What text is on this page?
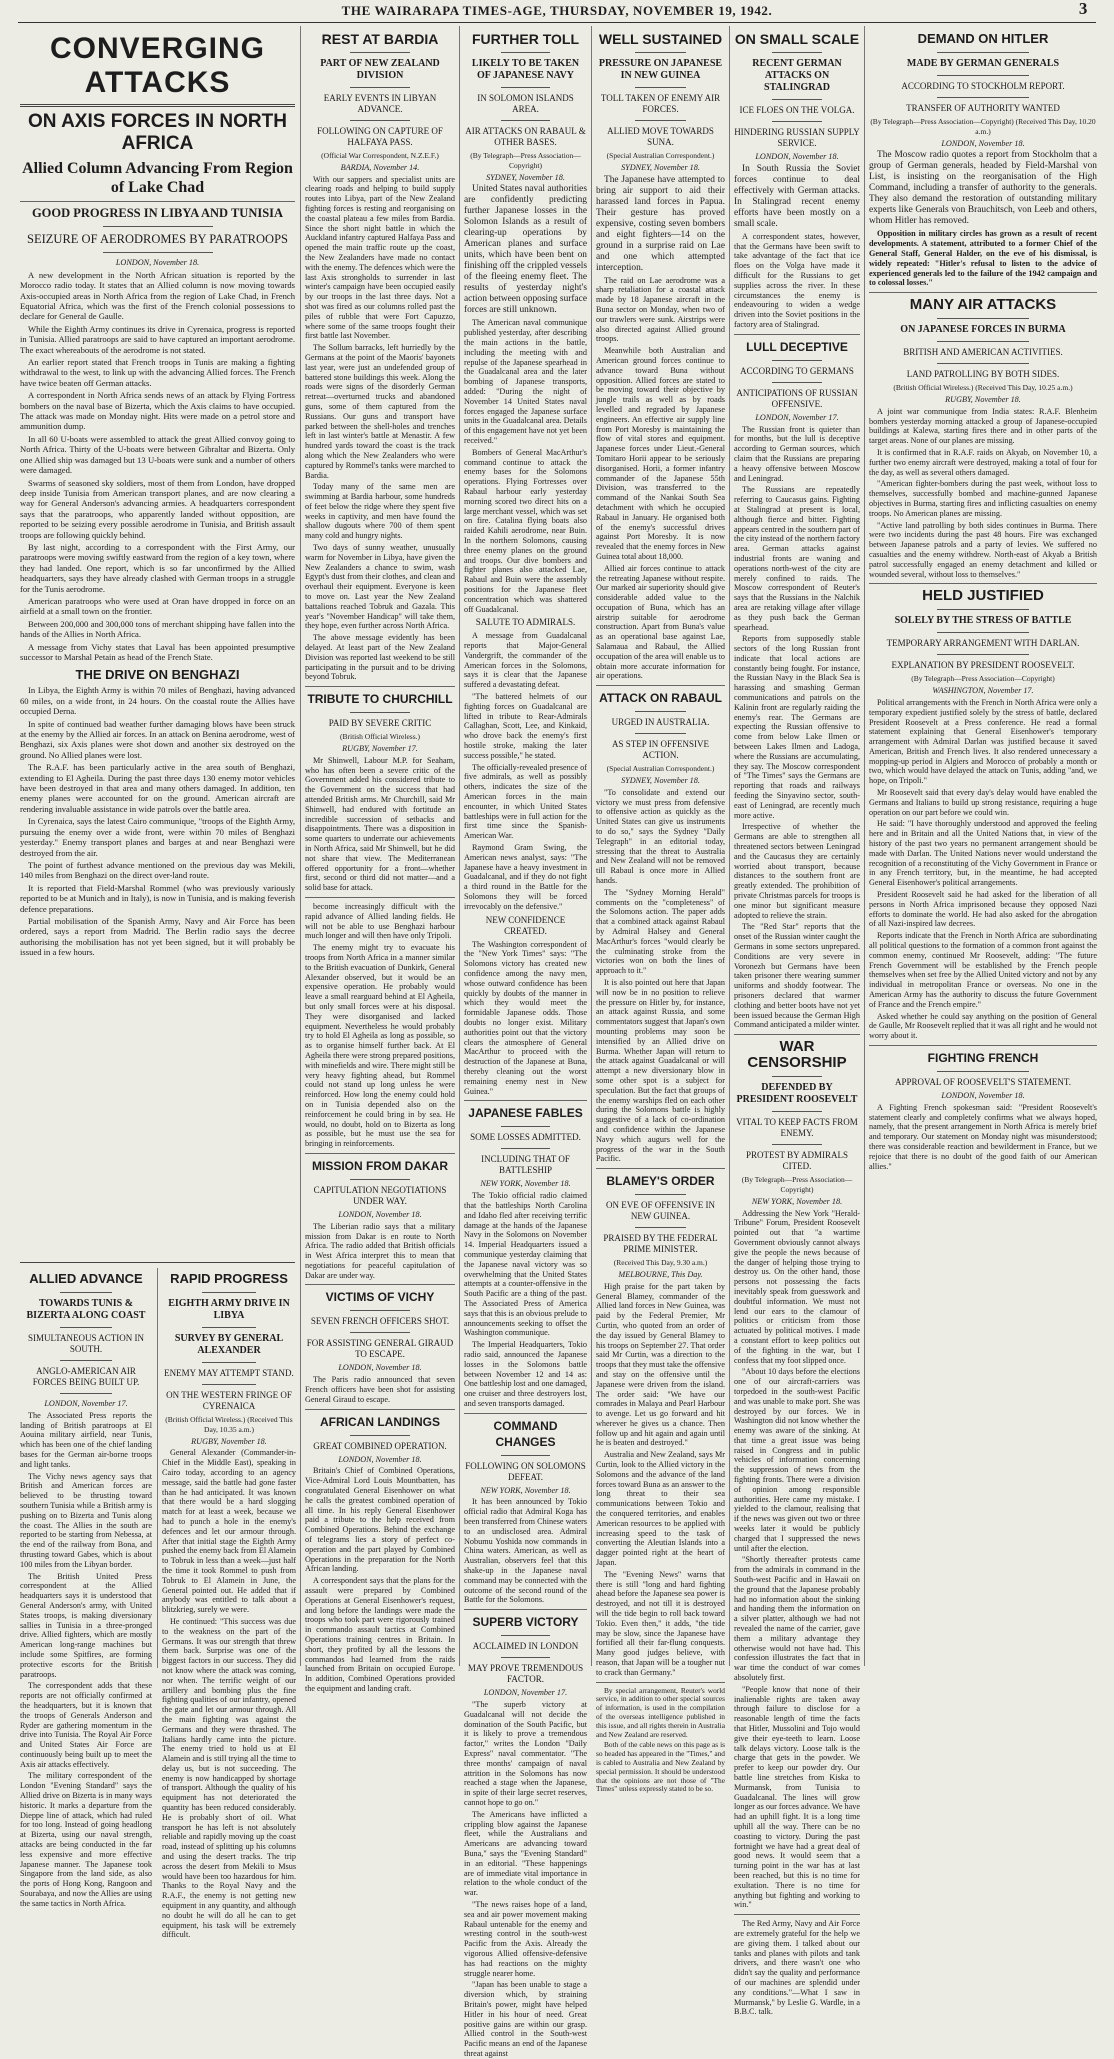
THE WAIRARAPA TIMES-AGE, THURSDAY, NOVEMBER 19, 1942.	3
CONVERGING ATTACKS
ON AXIS FORCES IN NORTH AFRICA
Allied Column Advancing From Region of Lake Chad
GOOD PROGRESS IN LIBYA AND TUNISIA
SEIZURE OF AERODROMES BY PARATROOPS

LONDON, November 18.

A new development in the North African situation is reported by the Morocco radio today. It states that an Allied column is now moving towards Axis-occupied areas in North Africa from the region of Lake Chad, in French Equatorial Africa, which was the first of the French colonial possessions to declare for General de Gaulle.

While the Eighth Army continues its drive in Cyrenaica, progress is reported in Tunisia. Allied paratroops are said to have captured an important aerodrome. The exact whereabouts of the aerodrome is not stated.

An earlier report stated that French troops in Tunis are making a fighting withdrawal to the west, to link up with the advancing Allied forces. The French have twice beaten off German attacks.

A correspondent in North Africa sends news of an attack by Flying Fortress bombers on the naval base of Bizerta, which the Axis claims to have occupied. The attack was made on Monday night. Hits were made on a petrol store and ammunition dump.

In all 60 U-boats were assembled to attack the great Allied convoy going to North Africa. Thirty of the U-boats were between Gibraltar and Bizerta. Only one Allied ship was damaged but 13 U-boats were sunk and a number of others were damaged.

Swarms of seasoned sky soldiers, most of them from London, have dropped deep inside Tunisia from American transport planes, and are now clearing a way for General Anderson's advancing armies. A headquarters correspondent says that the paratroops, who apparently landed without opposition, are reported to be seizing every possible aerodrome in Tunisia, and British assault troops are following quickly behind.

By last night, according to a correspondent with the First Army, our paratroops were moving swiftly eastward from the region of a key town, where they had landed. One report, which is so far unconfirmed by the Allied headquarters, says they have already clashed with German troops in a struggle for the Tunis aerodrome.

American paratroops who were used at Oran have dropped in force on an airfield at a small town on the frontier.

Between 200,000 and 300,000 tons of merchant shipping have fallen into the hands of the Allies in North Africa.

A message from Vichy states that Laval has been appointed presumptive successor to Marshal Petain as head of the French State.

THE DRIVE ON BENGHAZI

In Libya, the Eighth Army is within 70 miles of Benghazi, having advanced 60 miles, on a wide front, in 24 hours. On the coastal route the Allies have occupied Derna.

In spite of continued bad weather further damaging blows have been struck at the enemy by the Allied air forces. In an attack on Benina aerodrome, west of Benghazi, six Axis planes were shot down and another six destroyed on the ground. No Allied planes were lost.

The R.A.F. has been particularly active in the area south of Benghazi, extending to El Agheila. During the past three days 130 enemy motor vehicles have been destroyed in that area and many others damaged. In addition, ten enemy planes were accounted for on the ground. American aircraft are rendering invaluable assistance in wide patrols over the battle area.

In Cyrenaica, says the latest Cairo communique, "troops of the Eighth Army, pursuing the enemy over a wide front, were within 70 miles of Benghazi yesterday." Enemy transport planes and barges at and near Benghazi were destroyed from the air.

The point of furthest advance mentioned on the previous day was Mekili, 140 miles from Benghazi on the direct over-land route.

It is reported that Field-Marshal Rommel (who was previously variously reported to be at Munich and in Italy), is now in Tunisia, and is making feverish defence preparations.

Partial mobilisation of the Spanish Army, Navy and Air Force has been ordered, says a report from Madrid. The Berlin radio says the decree authorising the mobilisation has not yet been signed, but it will probably be issued in a few hours.

ALLIED ADVANCE
TOWARDS TUNIS & BIZERTA ALONG COAST
SIMULTANEOUS ACTION IN SOUTH.
ANGLO-AMERICAN AIR FORCES BEING BUILT UP.

LONDON, November 17.

The Associated Press reports the landing of British paratroops at El Aouina military airfield, near Tunis, which has been one of the chief landing bases for the German air-borne troops and light tanks.

The Vichy news agency says that British and American forces are believed to be thrusting toward southern Tunisia while a British army is pushing on to Bizerta and Tunis along the coast. The Allies in the south are reported to be starting from Nebessa, at the end of the railway from Bona, and thrusting toward Gabes, which is about 100 miles from the Libyan border.

The British United Press correspondent at the Allied headquarters says it is understood that General Anderson's army, with United States troops, is making diversionary sallies in Tunisia in a three-pronged drive. Allied fighters, which are mostly American long-range machines but include some Spitfires, are forming protective escorts for the British paratroops.

The correspondent adds that these reports are not officially confirmed at the headquarters, but it is known that the troops of Generals Anderson and Ryder are gathering momentum in the drive into Tunisia. The Royal Air Force and United States Air Force are continuously being built up to meet the Axis air attacks effectively.

The military correspondent of the London "Evening Standard" says the Allied drive on Bizerta is in many ways historic. It marks a departure from the Dieppe line of attack, which had ruled for too long. Instead of going headlong at Bizerta, using our naval strength, attacks are being conducted in the far less expensive and more effective Japanese manner. The Japanese took Singapore from the land side, as also the ports of Hong Kong, Rangoon and Sourabaya, and now the Allies are using the same tactics in North Africa.

RAPID PROGRESS
EIGHTH ARMY DRIVE IN LIBYA
SURVEY BY GENERAL ALEXANDER
ENEMY MAY ATTEMPT STAND.
ON THE WESTERN FRINGE OF CYRENAICA

(British Official Wireless.) (Received This Day, 10.35 a.m.)

RUGBY, November 18.

General Alexander (Commander-in-Chief in the Middle East), speaking in Cairo today, according to an agency message, said the battle had gone faster than he had anticipated. It was known that there would be a hard slogging match for at least a week, because we had to punch a hole in the enemy's defences and let our armour through. After that initial stage the Eighth Army pushed the enemy back from El Alamein to Tobruk in less than a week—just half the time it took Rommel to push from Tobruk to El Alamein in June, the General pointed out. He added that if anybody was entitled to talk about a blitzkrieg, surely we were.

He continued: "This success was due to the weakness on the part of the Germans. It was our strength that threw them back. Surprise was one of the biggest factors in our success. They did not know where the attack was coming, nor when. The terrific weight of our artillery and bombing plus the fine fighting qualities of our infantry, opened the gate and let our armour through. All the main fighting was against the Germans and they were thrashed. The Italians hardly came into the picture. The enemy tried to hold us at El Alamein and is still trying all the time to delay us, but is not succeeding. The enemy is now handicapped by shortage of transport. Although the quality of his equipment has not deteriorated the quantity has been reduced considerably. He is probably short of oil. What transport he has left is not absolutely reliable and rapidly moving up the coast road, instead of splitting up his columns and using the desert tracks. The trip across the desert from Mekili to Msus would have been too hazardous for him. Thanks to the Royal Navy and the R.A.F., the enemy is not getting new equipment in any quantity, and although no doubt he will do all he can to get equipment, his task will be extremely difficult.

REST AT BARDIA
PART OF NEW ZEALAND DIVISION
EARLY EVENTS IN LIBYAN ADVANCE.
FOLLOWING ON CAPTURE OF HALFAYA PASS.

(Official War Correspondent, N.Z.E.F.)

BARDIA, November 14.

With our sappers and specialist units are clearing roads and helping to build supply routes into Libya, part of the New Zealand fighting forces is resting and reorganising on the coastal plateau a few miles from Bardia. Since the short night battle in which the Auckland infantry captured Halfaya Pass and opened the main traffic route up the coast, the New Zealanders have made no contact with the enemy. The defences which were the last Axis strongholds to surrender in last winter's campaign have been occupied easily by our troops in the last three days. Not a shot was fired as our columns rolled past the piles of rubble that were Fort Capuzzo, where some of the same troops fought their first battle last November.

The Sollum barracks, left hurriedly by the Germans at the point of the Maoris' bayonets last year, were just an undefended group of battered stone buildings this week. Along the roads were signs of the disorderly German retreat—overturned trucks and abandoned guns, some of them captured from the Russians. Our guns and transport have parked between the shell-holes and trenches left in last winter's battle at Menastir. A few hundred yards toward the coast is the track along which the New Zealanders who were captured by Rommel's tanks were marched to Bardia.

Today many of the same men are swimming at Bardia harbour, some hundreds of feet below the ridge where they spent five weeks in captivity, and men have found the shallow dugouts where 700 of them spent many cold and hungry nights.

Two days of sunny weather, unusually warm for November in Libya, have given the New Zealanders a chance to swim, wash Egypt's dust from their clothes, and clean and overhaul their equipment. Everyone is keen to move on. Last year the New Zealand battalions reached Tobruk and Gazala. This year's "November Handicap" will take them, they hope, even further across North Africa.

The above message evidently has been delayed. At least part of the New Zealand Division was reported last weekend to be still participating in the pursuit and to be driving beyond Tobruk.

TRIBUTE TO CHURCHILL
PAID BY SEVERE CRITIC

(British Official Wireless.)

RUGBY, November 17.

Mr Shinwell, Labour M.P. for Seaham, who has often been a severe critic of the Government added his considered tribute to the Government on the success that had attended British arms. Mr Churchill, said Mr Shinwell, had endured with fortitude an incredible succession of setbacks and disappointments. There was a disposition in some quarters to underrate our achievements in North Africa, said Mr Shinwell, but he did not share that view. The Mediterranean offered opportunity for a front—whether first, second or third did not matter—and a solid base for attack.

become increasingly difficult with the rapid advance of Allied landing fields. He will not be able to use Benghazi harbour much longer and will then have only Tripoli.

The enemy might try to evacuate his troops from North Africa in a manner similar to the British evacuation of Dunkirk, General Alexander observed, but it would be an expensive operation. He probably would leave a small rearguard behind at El Agheila, but only small forces were at his disposal. They were disorganised and lacked equipment. Nevertheless he would probably try to hold El Agheila as long as possible, so as to organise himself further back. At El Agheila there were strong prepared positions, with minefields and wire. There might still be very heavy fighting ahead, but Rommel could not stand up long unless he were reinforced. How long the enemy could hold on in Tunisia depended also on the reinforcement he could bring in by sea. He would, no doubt, hold on to Bizerta as long as possible, but he must use the sea for bringing in reinforcements.

MISSION FROM DAKAR
CAPITULATION NEGOTIATIONS UNDER WAY.

LONDON, November 18.

The Liberian radio says that a military mission from Dakar is en route to North Africa. The radio added that British officials in West Africa interpret this to mean that negotiations for peaceful capitulation of Dakar are under way.

VICTIMS OF VICHY
SEVEN FRENCH OFFICERS SHOT.
FOR ASSISTING GENERAL GIRAUD TO ESCAPE.

LONDON, November 18.

The Paris radio announced that seven French officers have been shot for assisting General Giraud to escape.

AFRICAN LANDINGS
GREAT COMBINED OPERATION.

LONDON, November 18.

Britain's Chief of Combined Operations, Vice-Admiral Lord Louis Mountbatten, has congratulated General Eisenhower on what he calls the greatest combined operation of all time. In his reply General Eisenhower paid a tribute to the help received from Combined Operations. Behind the exchange of telegrams lies a story of perfect co-operation and the part played by Combined Operations in the preparation for the North African landing.

A correspondent says that the plans for the assault were prepared by Combined Operations at General Eisenhower's request, and long before the landings were made the troops who took part were rigorously trained in commando assault tactics at Combined Operations training centres in Britain. In short, they profited by all the lessons the commandos had learned from the raids launched from Britain on occupied Europe. In addition, Combined Operations provided the equipment and landing craft.

FURTHER TOLL
LIKELY TO BE TAKEN OF JAPANESE NAVY
IN SOLOMON ISLANDS AREA.
AIR ATTACKS ON RABAUL & OTHER BASES.

(By Telegraph—Press Association—Copyright)

SYDNEY, November 18.

United States naval authorities are confidently predicting further Japanese losses in the Solomon Islands as a result of clearing-up operations by American planes and surface units, which have been bent on finishing off the crippled vessels of the fleeing enemy fleet. The results of yesterday night's action between opposing surface forces are still unknown.

The American naval communique published yesterday, after describing the main actions in the battle, including the meeting with and repulse of the Japanese spearhead in the Guadalcanal area and the later bombing of Japanese transports, added: "During the night of November 14 United States naval forces engaged the Japanese surface units in the Guadalcanal area. Details of this engagement have not yet been received."

Bombers of General MacArthur's command continue to attack the enemy bases for the Solomons operations. Flying Fortresses over Rabaul harbour early yesterday morning scored two direct hits on a large merchant vessel, which was set on fire. Catalina flying boats also raided Kahili aerodrome, near Buin. In the northern Solomons, causing three enemy planes on the ground and troops. Our dive bombers and fighter planes also attacked Lae, Rabaul and Buin were the assembly positions for the Japanese fleet concentration which was shattered off Guadalcanal.

SALUTE TO ADMIRALS.

A message from Guadalcanal reports that Major-General Vandergrift, the commander of the American forces in the Solomons, says it is clear that the Japanese suffered a devastating defeat.

"The battered helmets of our fighting forces on Guadalcanal are lifted in tribute to Rear-Admirals Callaghan, Scott, Lee, and Kinkaid, who drove back the enemy's first hostile stroke, making the later success possible," he stated.

The officially-revealed presence of five admirals, as well as possibly others, indicates the size of the American forces in the main encounter, in which United States battleships were in full action for the first time since the Spanish-American War.

Raymond Gram Swing, the American news analyst, says: "The Japanese have a heavy investment in Guadalcanal, and if they do not fight a third round in the Battle for the Solomons they will be forced irrevocably on the defensive."

NEW CONFIDENCE CREATED.

The Washington correspondent of the "New York Times" says: "The Solomons victory has created new confidence among the navy men, whose outward confidence has been quickly by doubts of the manner in which they would meet the formidable Japanese odds. Those doubts no longer exist. Military authorities point out that the victory clears the atmosphere of General MacArthur to proceed with the destruction of the Japanese at Buna, thereby cleaning out the worst remaining enemy nest in New Guinea."

JAPANESE FABLES
SOME LOSSES ADMITTED.
INCLUDING THAT OF BATTLESHIP

NEW YORK, November 18.

The Tokio official radio claimed that the battleships North Carolina and Idaho fled after receiving terrific damage at the hands of the Japanese Navy in the Solomons on November 14. Imperial Headquarters issued a communique yesterday claiming that the Japanese naval victory was so overwhelming that the United States attempts at a counter-offensive in the South Pacific are a thing of the past. The Associated Press of America says that this is an obvious prelude to announcements seeking to offset the Washington communique.

The Imperial Headquarters, Tokio radio said, announced the Japanese losses in the Solomons battle between November 12 and 14 as: One battleship lost and one damaged, one cruiser and three destroyers lost, and seven transports damaged.

COMMAND CHANGES
FOLLOWING ON SOLOMONS DEFEAT.

NEW YORK, November 18.

It has been announced by Tokio official radio that Admiral Koga has been transferred from Chinese waters to an undisclosed area. Admiral Nobumu Yoshida now commands in China waters. American, as well as Australian, observers feel that this shake-up in the Japanese naval command may be connected with the outcome of the second round of the Battle for the Solomons.

SUPERB VICTORY
ACCLAIMED IN LONDON
MAY PROVE TREMENDOUS FACTOR.

LONDON, November 17.

"The superb victory at Guadalcanal will not decide the domination of the South Pacific, but it is likely to prove a tremendous factor," writes the London "Daily Express" naval commentator. "The three months' campaign of naval attrition in the Solomons has now reached a stage when the Japanese, in spite of their large secret reserves, cannot hope to go on."

The Americans have inflicted a crippling blow against the Japanese fleet, while the Australians and Americans are advancing toward Buna," says the "Evening Standard" in an editorial. "These happenings are of immediate vital importance in relation to the whole conduct of the war.

"The news raises hope of a land, sea and air power movement making Rabaul untenable for the enemy and wresting control in the south-west Pacific from the Axis. Already the vigorous Allied offensive-defensive has had reactions on the mighty struggle nearer home.

"Japan has been unable to stage a diversion which, by straining Britain's power, might have helped Hitler in his hour of need. Great positive gains are within our grasp. Allied control in the South-west Pacific means an end of the Japanese threat against

WELL SUSTAINED
PRESSURE ON JAPANESE IN NEW GUINEA
TOLL TAKEN OF ENEMY AIR FORCES.
ALLIED MOVE TOWARDS SUNA.

(Special Australian Correspondent.)

SYDNEY, November 18.

The Japanese have attempted to bring air support to aid their harassed land forces in Papua. Their gesture has proved expensive, costing seven bombers and eight fighters—14 on the ground in a surprise raid on Lae and one which attempted interception.

The raid on Lae aerodrome was a sharp retaliation for a coastal attack made by 18 Japanese aircraft in the Buna sector on Monday, when two of our trawlers were sunk. Airstrips were also directed against Allied ground troops.

Meanwhile both Australian and American ground forces continue to advance toward Buna without opposition. Allied forces are stated to be moving toward their objective by jungle trails as well as by roads levelled and regraded by Japanese engineers. An effective air supply line from Port Moresby is maintaining the flow of vital stores and equipment. Japanese forces under Lieut.-General Tomitaro Horii appear to be seriously disorganised. Horii, a former infantry commander of the Japanese 55th Division, was transferred to the command of the Nankai South Sea detachment with which he occupied Rabaul in January. He organised both of the enemy's successful drives against Port Moresby. It is now revealed that the enemy forces in New Guinea total about 18,000.

Allied air forces continue to attack the retreating Japanese without respite. Our marked air superiority should give considerable added value to the occupation of Buna, which has an airstrip suitable for aerodrome construction. Apart from Buna's value as an operational base against Lae, Salamaua and Rabaul, the Allied occupation of the area will enable us to obtain more accurate information for air operations.

ATTACK ON RABAUL
URGED IN AUSTRALIA.
AS STEP IN OFFENSIVE ACTION.

(Special Australian Correspondent.)

SYDNEY, November 18.

"To consolidate and extend our victory we must press from defensive to offensive action as quickly as the United States can give us instruments to do so," says the Sydney "Daily Telegraph" in an editorial today, stressing that the threat to Australia and New Zealand will not be removed till Rabaul is once more in Allied hands.

The "Sydney Morning Herald" comments on the "completeness" of the Solomons action. The paper adds that a combined attack against Rabaul by Admiral Halsey and General MacArthur's forces "would clearly be the culminating stroke from the victories won on both the lines of approach to it."

It is also pointed out here that Japan will now be in no position to relieve the pressure on Hitler by, for instance, an attack against Russia, and some commentators suggest that Japan's own mounting problems may soon be intensified by an Allied drive on Burma. Whether Japan will return to the attack against Guadalcanal or will attempt a new diversionary blow in some other spot is a subject for speculation. But the fact that groups of the enemy warships fled on each other during the Solomons battle is highly suggestive of a lack of co-ordination and confidence within the Japanese Navy which augurs well for the progress of the war in the South Pacific.

BLAMEY'S ORDER
ON EVE OF OFFENSIVE IN NEW GUINEA.
PRAISED BY THE FEDERAL PRIME MINISTER.

(Received This Day, 9.30 a.m.)

MELBOURNE, This Day.

High praise for the part taken by General Blamey, commander of the Allied land forces in New Guinea, was paid by the Federal Premier, Mr Curtin, who quoted from an order of the day issued by General Blamey to his troops on September 27. That order said Mr Curtin, was a direction to the troops that they must take the offensive and stay on the offensive until the Japanese were driven from the island. The order said: "We have our comrades in Malaya and Pearl Harbour to avenge. Let us go forward and hit wherever he gives us a chance. Then follow up and hit again and again until he is beaten and destroyed."

Australia and New Zealand, says Mr Curtin, look to the Allied victory in the Solomons and the advance of the land forces toward Buna as an answer to the long threat to their sea communications between Tokio and the conquered territories, and enables American resources to be applied with increasing speed to the task of converting the Aleutian Islands into a dagger pointed right at the heart of Japan.

The "Evening News" warns that there is still "long and hard fighting ahead before the Japanese sea power is destroyed, and not till it is destroyed will the tide begin to roll back toward Tokio. Even then," it adds, "the tide may be slow, since the Japanese have fortified all their far-flung conquests. Many good judges believe, with reason, that Japan will be a tougher nut to crack than Germany."

By special arrangement, Reuter's world service, in addition to other special sources of information, is used in the compilation of the overseas intelligence published in this issue, and all rights therein in Australia and New Zealand are reserved.

Both of the cable news on this page as is so headed has appeared in the "Times," and is cabled to Australia and New Zealand by special permission. It should be understood that the opinions are not those of "The Times" unless expressly stated to be so.

ON SMALL SCALE
RECENT GERMAN ATTACKS ON STALINGRAD
ICE FLOES ON THE VOLGA.
HINDERING RUSSIAN SUPPLY SERVICE.

LONDON, November 18.

In South Russia the Soviet forces continue to deal effectively with German attacks. In Stalingrad recent enemy efforts have been mostly on a small scale.

A correspondent states, however, that the Germans have been swift to take advantage of the fact that ice floes on the Volga have made it difficult for the Russians to get supplies across the river. In these circumstances the enemy is endeavouring to widen a wedge driven into the Soviet positions in the factory area of Stalingrad.

LULL DECEPTIVE
ACCORDING TO GERMANS
ANTICIPATIONS OF RUSSIAN OFFENSIVE.

LONDON, November 17.

The Russian front is quieter than for months, but the lull is deceptive according to German sources, which claim that the Russians are preparing a heavy offensive between Moscow and Leningrad.

The Russians are repeatedly referring to Caucasus gains. Fighting at Stalingrad at present is local, although fierce and bitter. Fighting appears centred in the southern part of the city instead of the northern factory area. German attacks against industrial fronts are waning and operations north-west of the city are merely confined to raids. The Moscow correspondent of Reuter's says that the Russians in the Nalchik area are retaking village after village as they push back the German spearhead.

Reports from supposedly stable sectors of the long Russian front indicate that local actions are constantly being fought. For instance, the Russian Navy in the Black Sea is harassing and smashing German communications and patrols on the Kalinin front are regularly raiding the enemy's rear. The Germans are expecting the Russian offensive to come from below Lake Ilmen or between Lakes Ilmen and Ladoga, where the Russians are accumulating, they say. The Moscow correspondent of "The Times" says the Germans are reporting that roads and railways feeding the Sinyavino sector, south-east of Leningrad, are recently much more active.

Irrespective of whether the Germans are able to strengthen all threatened sectors between Leningrad and the Caucasus they are certainly worried about transport, because distances to the southern front are greatly extended. The prohibition of private Christmas parcels for troops is one minor but significant measure adopted to relieve the strain.

The "Red Star" reports that the onset of the Russian winter caught the Germans in some sectors unprepared. Conditions are very severe in Voronezh but Germans have been taken prisoner there wearing summer uniforms and shoddy footwear. The prisoners declared that warmer clothing and better boots have not yet been issued because the German High Command anticipated a milder winter.

WAR CENSORSHIP
DEFENDED BY PRESIDENT ROOSEVELT
VITAL TO KEEP FACTS FROM ENEMY.
PROTEST BY ADMIRALS CITED.

(By Telegraph—Press Association—Copyright)

NEW YORK, November 18.

Addressing the New York "Herald-Tribune" Forum, President Roosevelt pointed out that "a wartime Government obviously cannot always give the people the news because of the danger of helping those trying to destroy us. On the other hand, those persons not possessing the facts inevitably speak from guesswork and doubtful information. We must not lend our ears to the clamour of politics or criticism from those actuated by political motives. I made a constant effort to keep politics out of the fighting in the war, but I confess that my foot slipped once.

"About 10 days before the elections one of our aircraft-carriers was torpedoed in the south-west Pacific and was unable to make port. She was destroyed by our forces. We in Washington did not know whether the enemy was aware of the sinking. At that time a great issue was being raised in Congress and in public vehicles of information concerning the suppression of news from the fighting fronts. There were a division of opinion among responsible authorities. Here came my mistake. I yielded to the clamour, realising that if the news was given out two or three weeks later it would be publicly charged that I suppressed the news until after the election.

"Shortly thereafter protests came from the admirals in command in the South-west Pacific and in Hawaii on the ground that the Japanese probably had no information about the sinking and handing them the information on a silver platter, although we had not revealed the name of the carrier, gave them a military advantage they otherwise would not have had. This confession illustrates the fact that in war time the conduct of war comes absolutely first.

"People know that none of their inalienable rights are taken away through failure to disclose for a reasonable length of time the facts that Hitler, Mussolini and Tojo would give their eye-teeth to learn. Loose talk delays victory. Loose talk is the charge that gets in the powder. We prefer to keep our powder dry. Our battle line stretches from Kiska to Murmansk, from Tunisia to Guadalcanal. The lines will grow longer as our forces advance. We have had an uphill fight. It is a long time uphill all the way. There can be no coasting to victory. During the past fortnight we have had a great deal of good news. It would seem that a turning point in the war has at last been reached, but this is no time for exultation. There is no time for anything but fighting and working to win."

The Red Army, Navy and Air Force are extremely grateful for the help we are giving them. I talked about our tanks and planes with pilots and tank drivers, and there wasn't one who didn't say the quality and performance of our machines are splendid under any conditions."—What I saw in Murmansk," by Leslie G. Wardle, in a B.B.C. talk.

DEMAND ON HITLER
MADE BY GERMAN GENERALS
ACCORDING TO STOCKHOLM REPORT.
TRANSFER OF AUTHORITY WANTED

(By Telegraph—Press Association—Copyright) (Received This Day, 10.20 a.m.)

LONDON, November 18.

The Moscow radio quotes a report from Stockholm that a group of German generals, headed by Field-Marshal von List, is insisting on the reorganisation of the High Command, including a transfer of authority to the generals. They also demand the restoration of outstanding military experts like Generals von Brauchitsch, von Leeb and others, whom Hitler has removed.

Opposition in military circles has grown as a result of recent developments. A statement, attributed to a former Chief of the General Staff, General Halder, on the eve of his dismissal, is widely repeated: "Hitler's refusal to listen to the advice of experienced generals led to the failure of the 1942 campaign and to colossal losses."

MANY AIR ATTACKS
ON JAPANESE FORCES IN BURMA
BRITISH AND AMERICAN ACTIVITIES.
LAND PATROLLING BY BOTH SIDES.

(British Official Wireless.) (Received This Day, 10.25 a.m.)

RUGBY, November 18.

A joint war communique from India states: R.A.F. Blenheim bombers yesterday morning attacked a group of Japanese-occupied buildings at Kalewa, starting fires there and in other parts of the target areas. None of our planes are missing.

It is confirmed that in R.A.F. raids on Akyab, on November 10, a further two enemy aircraft were destroyed, making a total of four for the day, as well as several others damaged.

"American fighter-bombers during the past week, without loss to themselves, successfully bombed and machine-gunned Japanese objectives in Burma, starting fires and inflicting casualties on enemy troops. No American planes are missing.

"Active land patrolling by both sides continues in Burma. There were two incidents during the past 48 hours. Fire was exchanged between Japanese patrols and a party of levies. We suffered no casualties and the enemy withdrew. North-east of Akyab a British patrol successfully engaged an enemy detachment and killed or wounded several, without loss to themselves."

HELD JUSTIFIED
SOLELY BY THE STRESS OF BATTLE
TEMPORARY ARRANGEMENT WITH DARLAN.
EXPLANATION BY PRESIDENT ROOSEVELT.

(By Telegraph—Press Association—Copyright)

WASHINGTON, November 17.

Political arrangements with the French in North Africa were only a temporary expedient justified solely by the stress of battle, declared President Roosevelt at a Press conference. He read a formal statement explaining that General Eisenhower's temporary arrangement with Admiral Darlan was justified because it saved American, British and French lives. It also rendered unnecessary a mopping-up period in Algiers and Morocco of probably a month or two, which would have delayed the attack on Tunis, adding "and, we hope, on Tripoli."

Mr Roosevelt said that every day's delay would have enabled the Germans and Italians to build up strong resistance, requiring a huge operation on our part before we could win.

He said: "I have thoroughly understood and approved the feeling here and in Britain and all the United Nations that, in view of the history of the past two years no permanent arrangement should be made with Darlan. The United Nations never would understand the recognition of a reconstituting of the Vichy Government in France or in any French territory, but, in the meantime, he had accepted General Eisenhower's political arrangements.

President Roosevelt said he had asked for the liberation of all persons in North Africa imprisoned because they opposed Nazi efforts to dominate the world. He had also asked for the abrogation of all Nazi-inspired law decrees.

Reports indicate that the French in North Africa are subordinating all political questions to the formation of a common front against the common enemy, continued Mr Roosevelt, adding: "The future French Government will be established by the French people themselves when set free by the Allied United victory and not by any individual in metropolitan France or overseas. No one in the American Army has the authority to discuss the future Government of France and the French empire."

Asked whether he could say anything on the position of General de Gaulle, Mr Roosevelt replied that it was all right and he would not worry about it.

FIGHTING FRENCH
APPROVAL OF ROOSEVELT'S STATEMENT.

LONDON, November 18.

A Fighting French spokesman said: "President Roosevelt's statement clearly and completely confirms what we always hoped, namely, that the present arrangement in North Africa is merely brief and temporary. Our statement on Monday night was misunderstood; there was considerable reaction and bewilderment in France, but we rejoice that there is no doubt of the good faith of our American allies."
